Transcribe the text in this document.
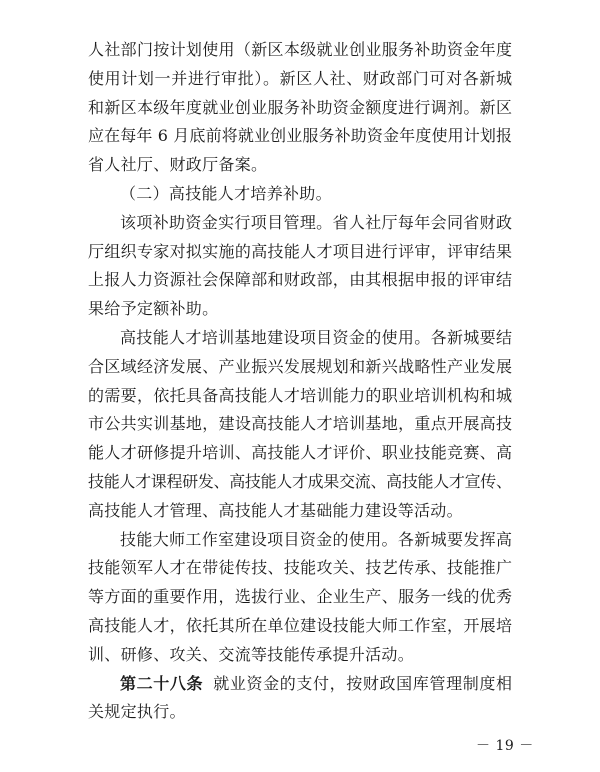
人社部门按计划使用（新区本级就业创业服务补助资金年度
使用计划一并进行审批）。新区人社、财政部门可对各新城
和新区本级年度就业创业服务补助资金额度进行调剂。新区
应在每年 6 月底前将就业创业服务补助资金年度使用计划报
省人社厅、财政厅备案。
（二）高技能人才培养补助。
该项补助资金实行项目管理。省人社厅每年会同省财政
厅组织专家对拟实施的高技能人才项目进行评审，评审结果
上报人力资源社会保障部和财政部，由其根据申报的评审结
果给予定额补助。
高技能人才培训基地建设项目资金的使用。各新城要结
合区域经济发展、产业振兴发展规划和新兴战略性产业发展
的需要，依托具备高技能人才培训能力的职业培训机构和城
市公共实训基地，建设高技能人才培训基地，重点开展高技
能人才研修提升培训、高技能人才评价、职业技能竞赛、高
技能人才课程研发、高技能人才成果交流、高技能人才宣传、
高技能人才管理、高技能人才基础能力建设等活动。
技能大师工作室建设项目资金的使用。各新城要发挥高
技能领军人才在带徒传技、技能攻关、技艺传承、技能推广
等方面的重要作用，选拔行业、企业生产、服务一线的优秀
高技能人才，依托其所在单位建设技能大师工作室，开展培
训、研修、攻关、交流等技能传承提升活动。
第二十八条 就业资金的支付，按财政国库管理制度相
关规定执行。
－ 19 －
